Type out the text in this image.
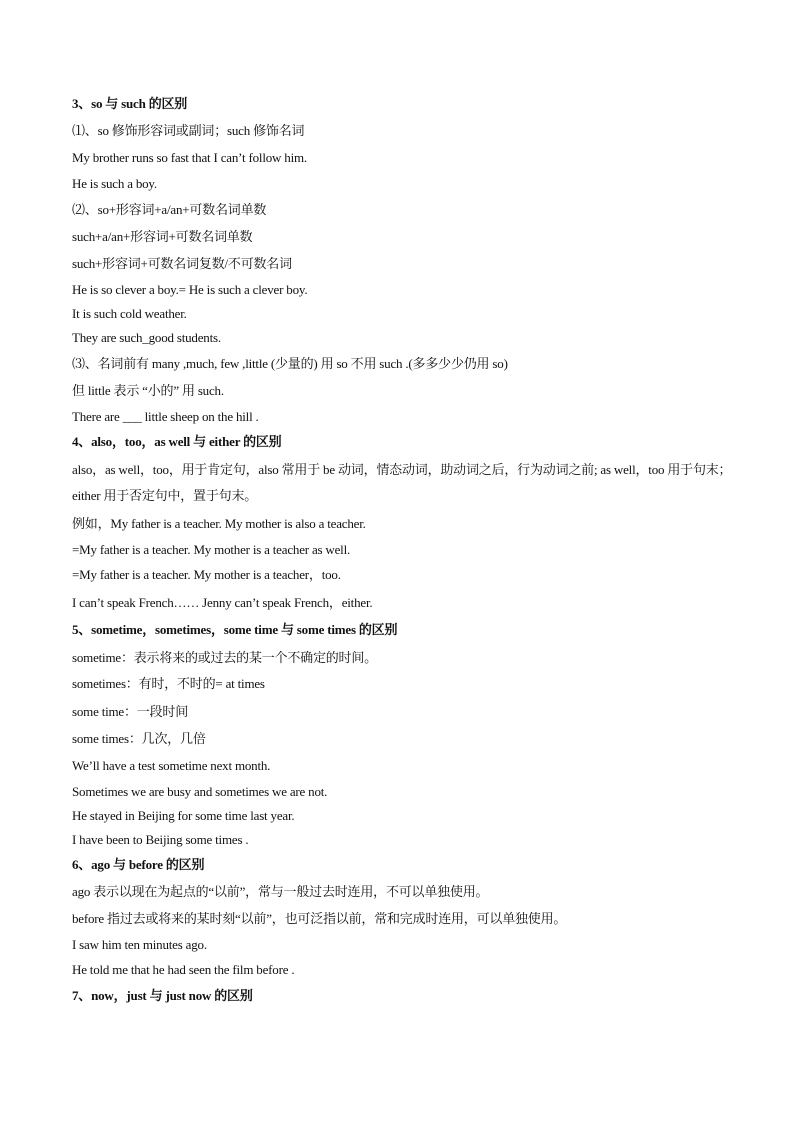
3、so 与 such 的区别
⑴、so 修饰形容词或副词；such 修饰名词
My brother runs so fast that I can’t follow him.
He is such a boy.
⑵、so+形容词+a/an+可数名词单数
such+a/an+形容词+可数名词单数
such+形容词+可数名词复数/不可数名词
He is so clever a boy.= He is such a clever boy.
It is such cold weather.
They are such_good students.
⑶、名词前有 many ,much, few ,little (少量的) 用 so 不用 such .(多多少少仍用 so)
但 little 表示 “小的” 用 such.
There are ___ little sheep on the hill .
4、also，too，as well 与 either 的区别
also，as well，too，用于肯定句，also 常用于 be 动词，情态动词，助动词之后，行为动词之前; as well，too 用于句末；either 用于否定句中，置于句末。
例如，My father is a teacher. My mother is also a teacher.
=My father is a teacher. My mother is a teacher as well.
=My father is a teacher. My mother is a teacher，too.
I can’t speak French…… Jenny can’t speak French，either.
5、sometime，sometimes，some time 与 some times 的区别
sometime：表示将来的或过去的某一个不确定的时间。
sometimes：有时，不时的= at times
some time：一段时间
some times：几次，几倍
We’ll have a test sometime next month.
Sometimes we are busy and sometimes we are not.
He stayed in Beijing for some time last year.
I have been to Beijing some times .
6、ago 与 before 的区别
ago 表示以现在为起点的“以前”，常与一般过去时连用，不可以单独使用。
before 指过去或将来的某时刻“以前”，也可泛指以前，常和完成时连用，可以单独使用。
I saw him ten minutes ago.
He told me that he had seen the film before .
7、now，just 与 just now 的区别
